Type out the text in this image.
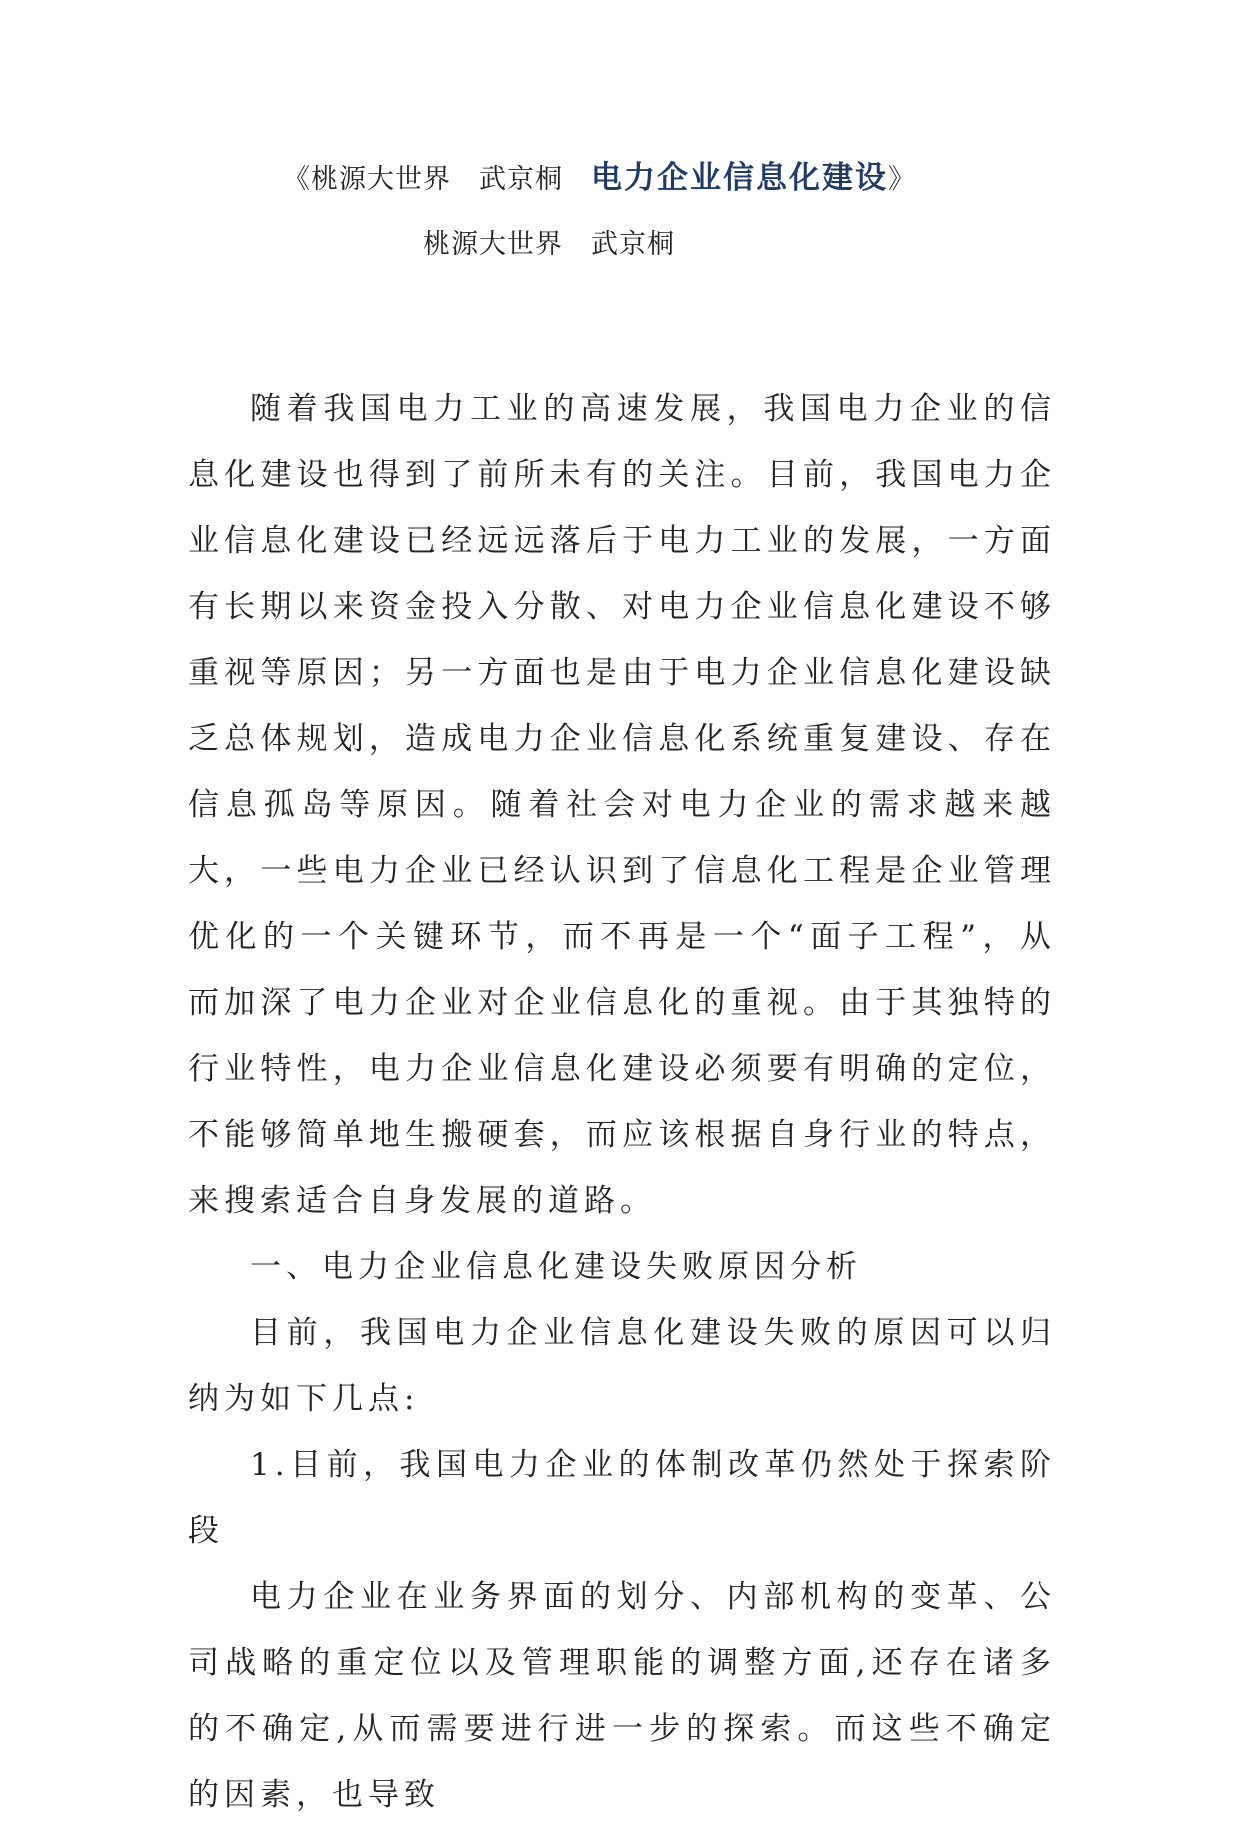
《桃源大世界 武京桐 电力企业信息化建设》
桃源大世界 武京桐

随着我国电力工业的高速发展，我国电力企业的信息化建设也得到了前所未有的关注。目前，我国电力企业信息化建设已经远远落后于电力工业的发展，一方面有长期以来资金投入分散、对电力企业信息化建设不够重视等原因；另一方面也是由于电力企业信息化建设缺乏总体规划，造成电力企业信息化系统重复建设、存在信息孤岛等原因。随着社会对电力企业的需求越来越大，一些电力企业已经认识到了信息化工程是企业管理优化的一个关键环节，而不再是一个“面子工程”，从而加深了电力企业对企业信息化的重视。由于其独特的行业特性，电力企业信息化建设必须要有明确的定位，不能够简单地生搬硬套，而应该根据自身行业的特点，来搜索适合自身发展的道路。

一、电力企业信息化建设失败原因分析

目前，我国电力企业信息化建设失败的原因可以归纳为如下几点:

1.目前，我国电力企业的体制改革仍然处于探索阶段

电力企业在业务界面的划分、内部机构的变革、公司战略的重定位以及管理职能的调整方面,还存在诸多的不确定,从而需要进行进一步的探索。而这些不确定的因素，也导致
